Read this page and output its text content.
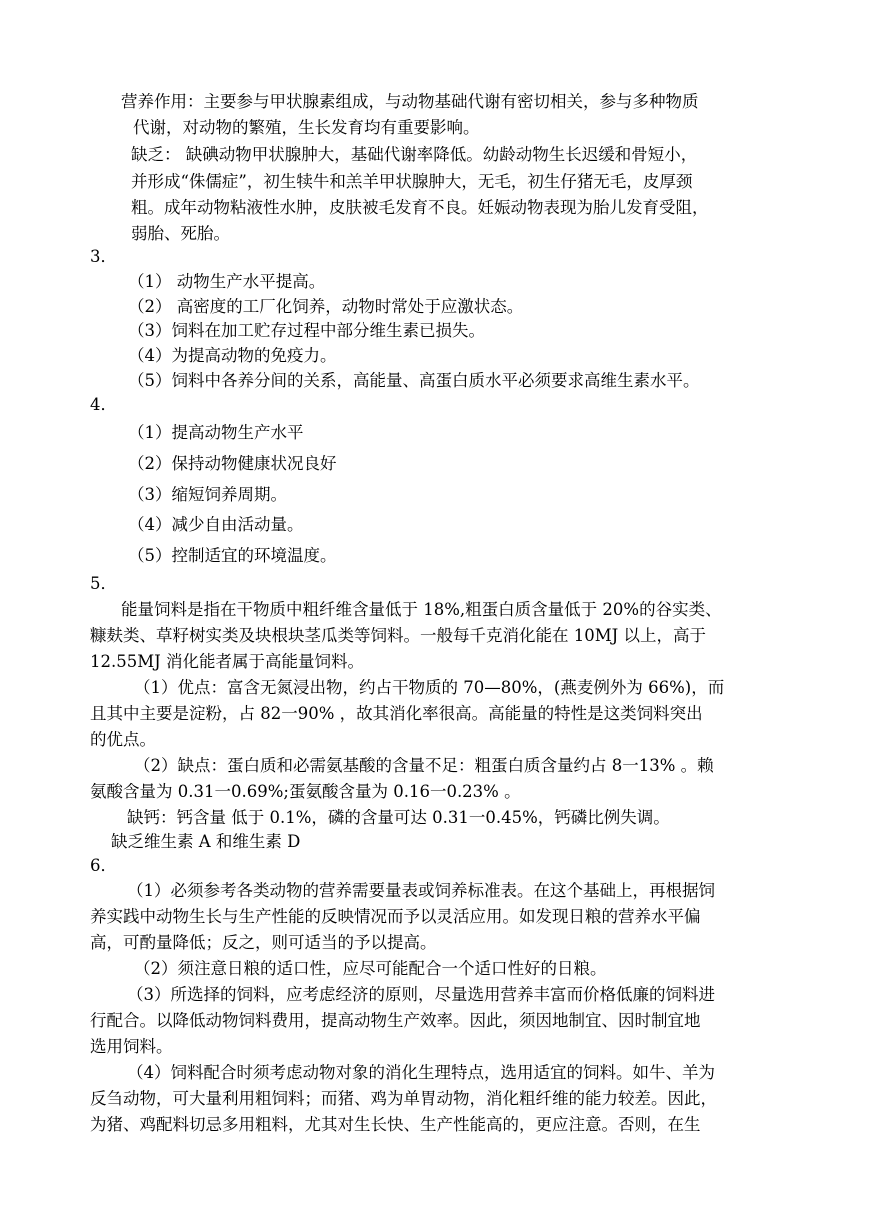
营养作用：主要参与甲状腺素组成，与动物基础代谢有密切相关，参与多种物质

代谢，对动物的繁殖，生长发育均有重要影响。

缺乏： 缺碘动物甲状腺肿大，基础代谢率降低。幼龄动物生长迟缓和骨短小，

并形成“侏儒症”，初生犊牛和羔羊甲状腺肿大，无毛，初生仔猪无毛，皮厚颈

粗。成年动物粘液性水肿，皮肤被毛发育不良。妊娠动物表现为胎儿发育受阻，

弱胎、死胎。

3．

（1） 动物生产水平提高。

（2） 高密度的工厂化饲养，动物时常处于应激状态。

（3）饲料在加工贮存过程中部分维生素已损失。

（4）为提高动物的免疫力。

（5）饲料中各养分间的关系，高能量、高蛋白质水平必须要求高维生素水平。

4．

（1）提高动物生产水平

（2）保持动物健康状况良好

（3）缩短饲养周期。

（4）减少自由活动量。

（5）控制适宜的环境温度。

5．

能量饲料是指在干物质中粗纤维含量低于 18%,粗蛋白质含量低于 20%的谷实类、

糠麸类、草籽树实类及块根块茎瓜类等饲料。一般每千克消化能在 10MJ 以上，高于

12.55MJ 消化能者属于高能量饲料。

（1）优点：富含无氮浸出物，约占干物质的 70—80%，(燕麦例外为 66%)，而

且其中主要是淀粉，占 82一90% ，故其消化率很高。高能量的特性是这类饲料突出

的优点。

（2）缺点：蛋白质和必需氨基酸的含量不足：粗蛋白质含量约占 8一13% 。赖

氨酸含量为 0.31一0.69%;蛋氨酸含量为 0.16一0.23% 。

缺钙：钙含量 低于 0.1%，磷的含量可达 0.31一0.45%，钙磷比例失调。

缺乏维生素 A 和维生素 D

6．

（1）必须参考各类动物的营养需要量表或饲养标准表。在这个基础上，再根据饲

养实践中动物生长与生产性能的反映情况而予以灵活应用。如发现日粮的营养水平偏

高，可酌量降低；反之，则可适当的予以提高。

（2）须注意日粮的适口性，应尽可能配合一个适口性好的日粮。

（3）所选择的饲料，应考虑经济的原则，尽量选用营养丰富而价格低廉的饲料进

行配合。以降低动物饲料费用，提高动物生产效率。因此，须因地制宜、因时制宜地

选用饲料。

（4）饲料配合时须考虑动物对象的消化生理特点，选用适宜的饲料。如牛、羊为

反刍动物，可大量利用粗饲料；而猪、鸡为单胃动物，消化粗纤维的能力较差。因此，

为猪、鸡配料切忌多用粗料，尤其对生长快、生产性能高的，更应注意。否则，在生
